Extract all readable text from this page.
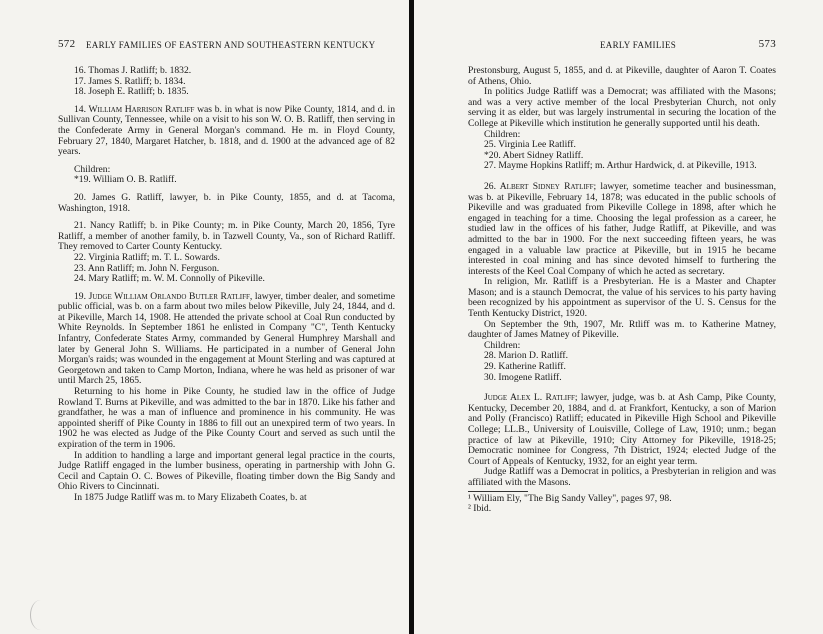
572 EARLY FAMILIES OF EASTERN AND SOUTHEASTERN KENTUCKY

16. Thomas J. Ratliff; b. 1832.

17. James S. Ratliff; b. 1834.

18. Joseph E. Ratliff; b. 1835.

14. William Harrison Ratliff was b. in what is now Pike County, 1814, and d. in Sullivan County, Tennessee, while on a visit to his son W. O. B. Ratliff, then serving in the Confederate Army in General Morgan's command. He m. in Floyd County, February 27, 1840, Margaret Hatcher, b. 1818, and d. 1900 at the advanced age of 82 years.

Children:

*19. William O. B. Ratliff.

20. James G. Ratliff, lawyer, b. in Pike County, 1855, and d. at Tacoma, Washington, 1918.

21. Nancy Ratliff; b. in Pike County; m. in Pike County, March 20, 1856, Tyre Ratliff, a member of another family, b. in Tazwell County, Va., son of Richard Ratliff. They removed to Carter County Kentucky.

22. Virginia Ratliff; m. T. L. Sowards.

23. Ann Ratliff; m. John N. Ferguson.

24. Mary Ratliff; m. W. M. Connolly of Pikeville.

19. Judge William Orlando Butler Ratliff, lawyer, timber dealer, and sometime public official, was b. on a farm about two miles below Pikeville, July 24, 1844, and d. at Pikeville, March 14, 1908. He attended the private school at Coal Run conducted by White Reynolds. In September 1861 he enlisted in Company "C", Tenth Kentucky Infantry, Confederate States Army, commanded by General Humphrey Marshall and later by General John S. Williams. He participated in a number of General John Morgan's raids; was wounded in the engagement at Mount Sterling and was captured at Georgetown and taken to Camp Morton, Indiana, where he was held as prisoner of war until March 25, 1865.

Returning to his home in Pike County, he studied law in the office of Judge Rowland T. Burns at Pikeville, and was admitted to the bar in 1870. Like his father and grandfather, he was a man of influence and prominence in his community. He was appointed sheriff of Pike County in 1886 to fill out an unexpired term of two years. In 1902 he was elected as Judge of the Pike County Court and served as such until the expiration of the term in 1906.

In addition to handling a large and important general legal practice in the courts, Judge Ratliff engaged in the lumber business, operating in partnership with John G. Cecil and Captain O. C. Bowes of Pikeville, floating timber down the Big Sandy and Ohio Rivers to Cincinnati.

In 1875 Judge Ratliff was m. to Mary Elizabeth Coates, b. at

EARLY FAMILIES	573

Prestonsburg, August 5, 1855, and d. at Pikeville, daughter of Aaron T. Coates of Athens, Ohio.

In politics Judge Ratliff was a Democrat; was affiliated with the Masons; and was a very active member of the local Presbyterian Church, not only serving it as elder, but was largely instrumental in securing the location of the College at Pikeville which institution he generally supported until his death.

Children:

25. Virginia Lee Ratliff.

*20. Abert Sidney Ratliff.

27. Mayme Hopkins Ratliff; m. Arthur Hardwick, d. at Pikeville, 1913.

26. Albert Sidney Ratliff; lawyer, sometime teacher and businessman, was b. at Pikeville, February 14, 1878; was educated in the public schools of Pikeville and was graduated from Pikeville College in 1898, after which he engaged in teaching for a time. Choosing the legal profession as a career, he studied law in the offices of his father, Judge Ratliff, at Pikeville, and was admitted to the bar in 1900. For the next succeeding fifteen years, he was engaged in a valuable law practice at Pikeville, but in 1915 he became interested in coal mining and has since devoted himself to furthering the interests of the Keel Coal Company of which he acted as secretary.

In religion, Mr. Ratliff is a Presbyterian. He is a Master and Chapter Mason; and is a staunch Democrat, the value of his services to his party having been recognized by his appointment as supervisor of the U. S. Census for the Tenth Kentucky District, 1920.

On September the 9th, 1907, Mr. Rtliff was m. to Katherine Matney, daughter of James Matney of Pikeville.

Children:

28. Marion D. Ratliff.

29. Katherine Ratliff.

30. Imogene Ratliff.

Judge Alex L. Ratliff; lawyer, judge, was b. at Ash Camp, Pike County, Kentucky, December 20, 1884, and d. at Frankfort, Kentucky, a son of Marion and Polly (Francisco) Ratliff; educated in Pikeville High School and Pikeville College; LL.B., University of Louisville, College of Law, 1910; unm.; began practice of law at Pikeville, 1910; City Attorney for Pikeville, 1918-25; Democratic nominee for Congress, 7th District, 1924; elected Judge of the Court of Appeals of Kentucky, 1932, for an eight year term.

Judge Ratliff was a Democrat in politics, a Presbyterian in religion and was affiliated with the Masons.

¹ William Ely, "The Big Sandy Valley", pages 97, 98.

² Ibid.
